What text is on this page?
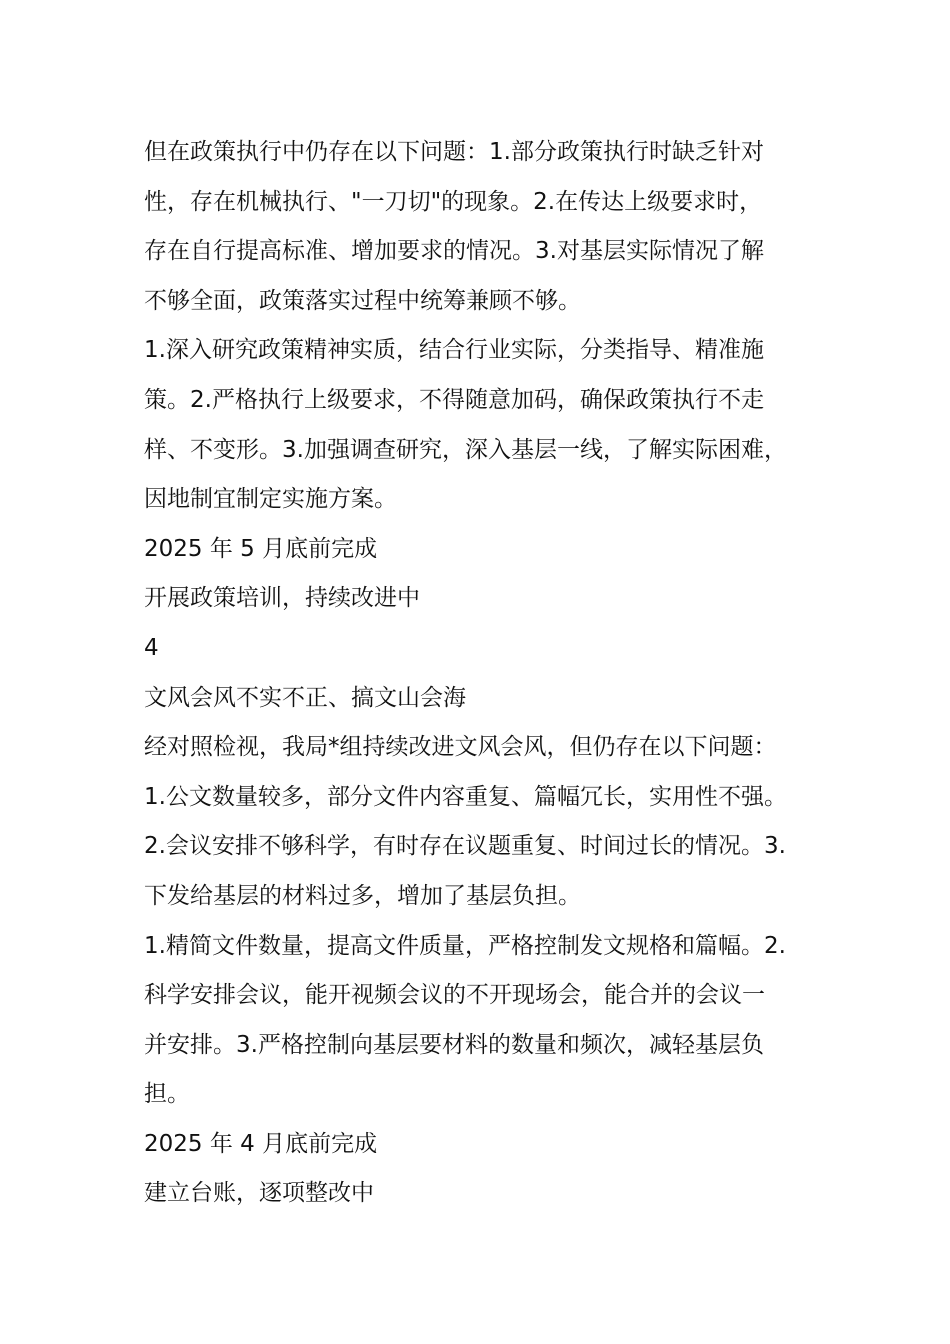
但在政策执行中仍存在以下问题：1.部分政策执行时缺乏针对
性，存在机械执行、"一刀切"的现象。2.在传达上级要求时，
存在自行提高标准、增加要求的情况。3.对基层实际情况了解
不够全面，政策落实过程中统筹兼顾不够。

1.深入研究政策精神实质，结合行业实际，分类指导、精准施
策。2.严格执行上级要求，不得随意加码，确保政策执行不走
样、不变形。3.加强调查研究，深入基层一线，了解实际困难，
因地制宜制定实施方案。

2025 年 5 月底前完成

开展政策培训，持续改进中

4

文风会风不实不正、搞文山会海

经对照检视，我局*组持续改进文风会风，但仍存在以下问题：

1.公文数量较多，部分文件内容重复、篇幅冗长，实用性不强。
2.会议安排不够科学，有时存在议题重复、时间过长的情况。3.
下发给基层的材料过多，增加了基层负担。

1.精简文件数量，提高文件质量，严格控制发文规格和篇幅。2.
科学安排会议，能开视频会议的不开现场会，能合并的会议一
并安排。3.严格控制向基层要材料的数量和频次，减轻基层负
担。

2025 年 4 月底前完成

建立台账，逐项整改中
